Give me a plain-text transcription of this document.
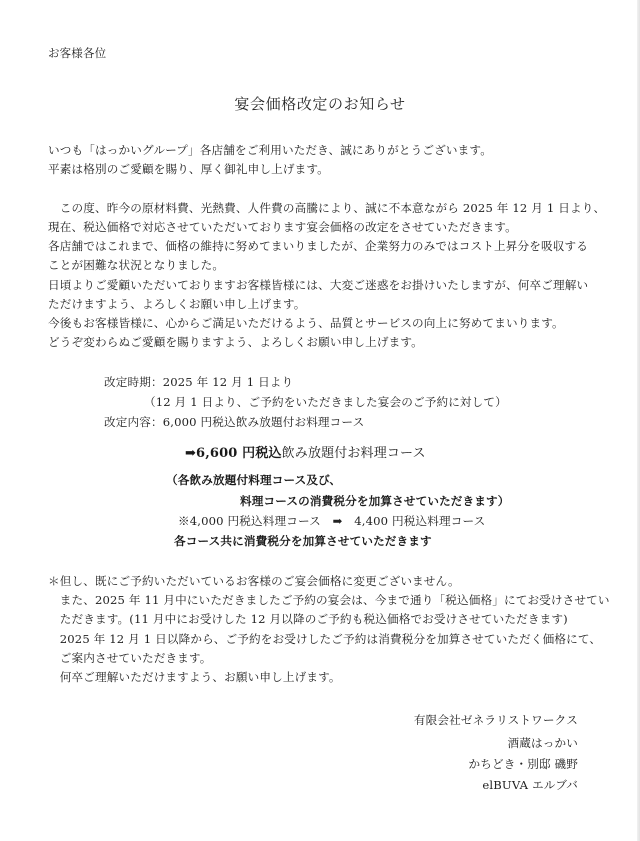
お客様各位
宴会価格改定のお知らせ
いつも「はっかいグループ」各店舗をご利用いただき、誠にありがとうございます。
平素は格別のご愛顧を賜り、厚く御礼申し上げます。
　この度、昨今の原材料費、光熱費、人件費の高騰により、誠に不本意ながら 2025 年 12 月 1 日より、
現在、税込価格で対応させていただいております宴会価格の改定をさせていただきます。
各店舗ではこれまで、価格の維持に努めてまいりましたが、企業努力のみではコスト上昇分を吸収する
ことが困難な状況となりました。
日頃よりご愛顧いただいておりますお客様皆様には、大変ご迷惑をお掛けいたしますが、何卒ご理解い
ただけますよう、よろしくお願い申し上げます。
今後もお客様皆様に、心からご満足いただけるよう、品質とサービスの向上に努めてまいります。
どうぞ変わらぬご愛顧を賜りますよう、よろしくお願い申し上げます。
改定時期：2025 年 12 月 1 日より
（12 月 1 日より、ご予約をいただきました宴会のご予約に対して）
改定内容：6,000 円税込飲み放題付お料理コース
➡6,600 円税込飲み放題付お料理コース
（各飲み放題付料理コース及び、
料理コースの消費税分を加算させていただきます）
※4,000 円税込料理コース　➡　4,400 円税込料理コース
各コース共に消費税分を加算させていただきます
＊但し、既にご予約いただいているお客様のご宴会価格に変更ございません。
　また、2025 年 11 月中にいただきましたご予約の宴会は、今まで通り「税込価格」にてお受けさせてい
　ただきます。(11 月中にお受けした 12 月以降のご予約も税込価格でお受けさせていただきます)
　2025 年 12 月 1 日以降から、ご予約をお受けしたご予約は消費税分を加算させていただく価格にて、
　ご案内させていただきます。
　何卒ご理解いただけますよう、お願い申し上げます。
有限会社ゼネラリストワークス
酒蔵はっかい
かちどき・別邸 磯野
elBUVA エルブバ
